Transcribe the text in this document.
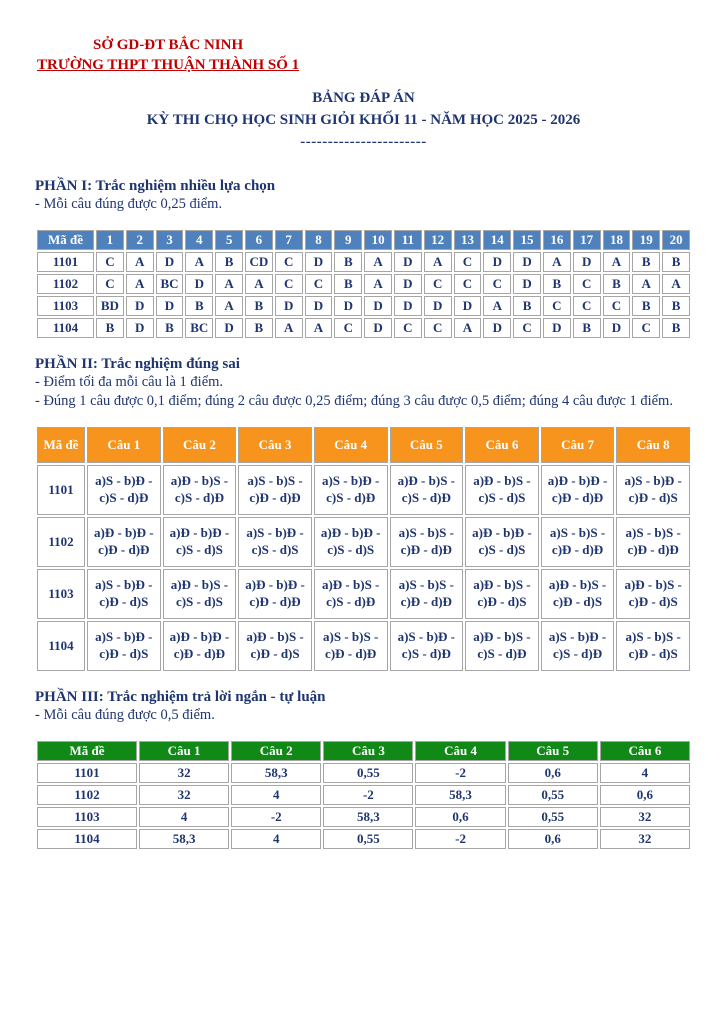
SỞ GD-ĐT BẮC NINH
TRƯỜNG THPT THUẬN THÀNH SỐ 1
BẢNG ĐÁP ÁN
KỲ THI CHỌ HỌC SINH GIỎI KHỐI 11 - NĂM HỌC 2025 - 2026
-----------------------
PHẦN I: Trắc nghiệm nhiều lựa chọn
- Mỗi câu đúng được 0,25 điểm.
Mã đề	1	2	3	4	5	6	7	8	9	10	11	12	13	14	15	16	17	18	19	20
1101	C	A	D	A	B	CD	C	D	B	A	D	A	C	D	D	A	D	A	B	B
1102	C	A	BC	D	A	A	C	C	B	A	D	C	C	C	D	B	C	B	A	A
1103	BD	D	D	B	A	B	D	D	D	D	D	D	D	A	B	C	C	C	B	B
1104	B	D	B	BC	D	B	A	A	C	D	C	C	A	D	C	D	B	D	C	B
PHẦN II: Trắc nghiệm đúng sai
- Điểm tối đa mỗi câu là 1 điểm.
- Đúng 1 câu được 0,1 điểm; đúng 2 câu được 0,25 điểm; đúng 3 câu được 0,5 điểm; đúng 4 câu được 1 điểm.
Mã đề	Câu 1	Câu 2	Câu 3	Câu 4	Câu 5	Câu 6	Câu 7	Câu 8
1101	a)S - b)Đ - c)S - d)Đ	a)Đ - b)S - c)S - d)Đ	a)S - b)S - c)Đ - d)Đ	a)S - b)Đ - c)S - d)Đ	a)Đ - b)S - c)S - d)Đ	a)Đ - b)S - c)S - d)S	a)Đ - b)Đ - c)Đ - d)Đ	a)S - b)Đ - c)Đ - d)S
1102	a)Đ - b)Đ - c)Đ - d)Đ	a)Đ - b)Đ - c)S - d)S	a)S - b)Đ - c)S - d)S	a)Đ - b)Đ - c)S - d)S	a)S - b)S - c)Đ - d)Đ	a)Đ - b)Đ - c)S - d)S	a)S - b)S - c)Đ - d)Đ	a)S - b)S - c)Đ - d)Đ
1103	a)S - b)Đ - c)Đ - d)S	a)Đ - b)S - c)S - d)S	a)Đ - b)Đ - c)Đ - d)Đ	a)Đ - b)S - c)S - d)Đ	a)S - b)S - c)Đ - d)Đ	a)Đ - b)S - c)Đ - d)S	a)Đ - b)S - c)Đ - d)S	a)Đ - b)S - c)Đ - d)S
1104	a)S - b)Đ - c)Đ - d)S	a)Đ - b)Đ - c)Đ - d)Đ	a)Đ - b)S - c)Đ - d)S	a)S - b)S - c)Đ - d)Đ	a)S - b)Đ - c)S - d)Đ	a)Đ - b)S - c)S - d)Đ	a)S - b)Đ - c)S - d)Đ	a)S - b)S - c)Đ - d)S
PHẦN III: Trắc nghiệm trả lời ngắn - tự luận
- Mỗi câu đúng được 0,5 điểm.
Mã đề	Câu 1	Câu 2	Câu 3	Câu 4	Câu 5	Câu 6
1101	32	58,3	0,55	-2	0,6	4
1102	32	4	-2	58,3	0,55	0,6
1103	4	-2	58,3	0,6	0,55	32
1104	58,3	4	0,55	-2	0,6	32
